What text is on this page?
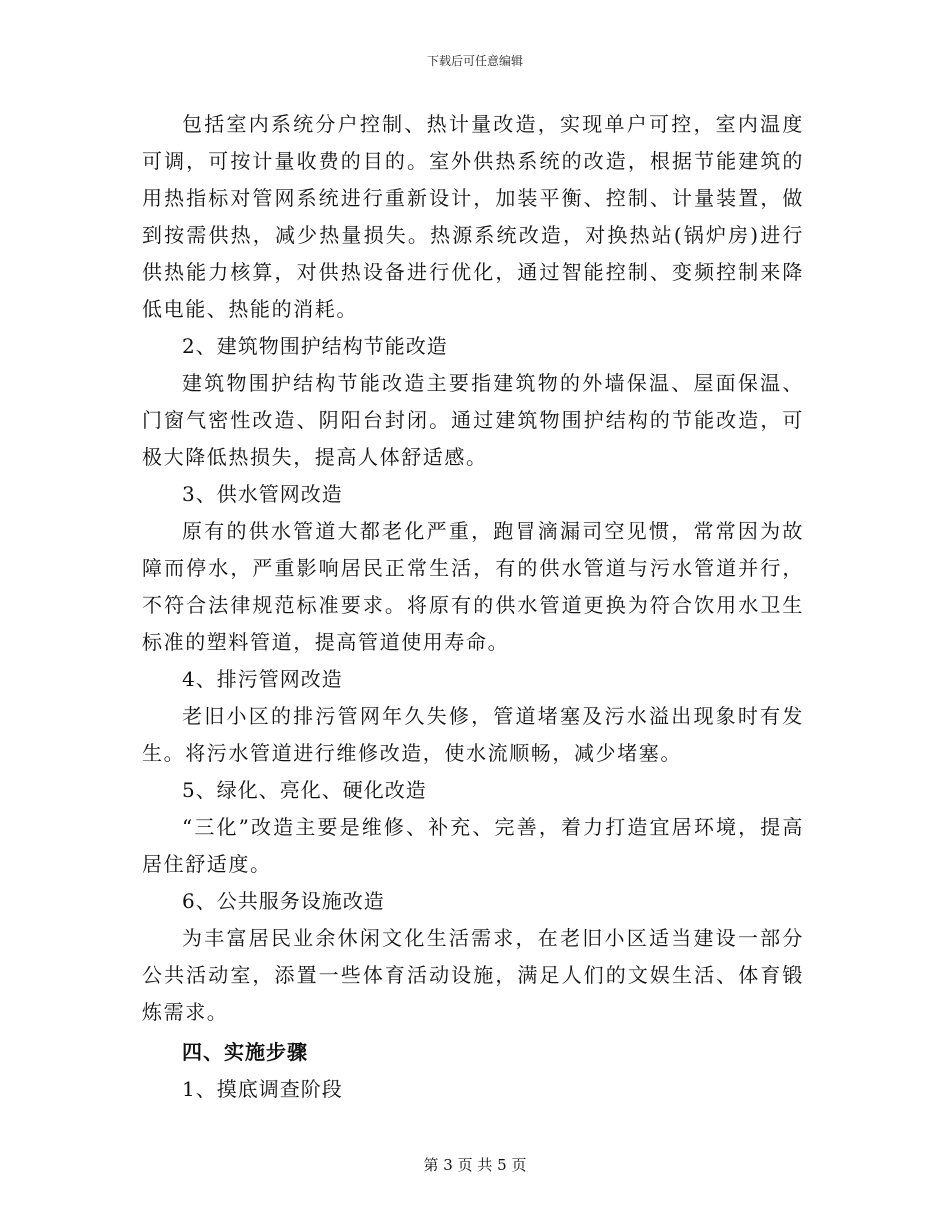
下载后可任意编辑

包括室内系统分户控制、热计量改造，实现单户可控，室内温度可调，可按计量收费的目的。室外供热系统的改造，根据节能建筑的用热指标对管网系统进行重新设计，加装平衡、控制、计量装置，做到按需供热，减少热量损失。热源系统改造，对换热站(锅炉房)进行供热能力核算，对供热设备进行优化，通过智能控制、变频控制来降低电能、热能的消耗。

2、建筑物围护结构节能改造

建筑物围护结构节能改造主要指建筑物的外墙保温、屋面保温、门窗气密性改造、阴阳台封闭。通过建筑物围护结构的节能改造，可极大降低热损失，提高人体舒适感。

3、供水管网改造

原有的供水管道大都老化严重，跑冒滴漏司空见惯，常常因为故障而停水，严重影响居民正常生活，有的供水管道与污水管道并行，不符合法律规范标准要求。将原有的供水管道更换为符合饮用水卫生标准的塑料管道，提高管道使用寿命。

4、排污管网改造

老旧小区的排污管网年久失修，管道堵塞及污水溢出现象时有发生。将污水管道进行维修改造，使水流顺畅，减少堵塞。

5、绿化、亮化、硬化改造

“三化”改造主要是维修、补充、完善，着力打造宜居环境，提高居住舒适度。

6、公共服务设施改造

为丰富居民业余休闲文化生活需求，在老旧小区适当建设一部分公共活动室，添置一些体育活动设施，满足人们的文娱生活、体育锻炼需求。

四、实施步骤

1、摸底调查阶段

第 3 页 共 5 页
